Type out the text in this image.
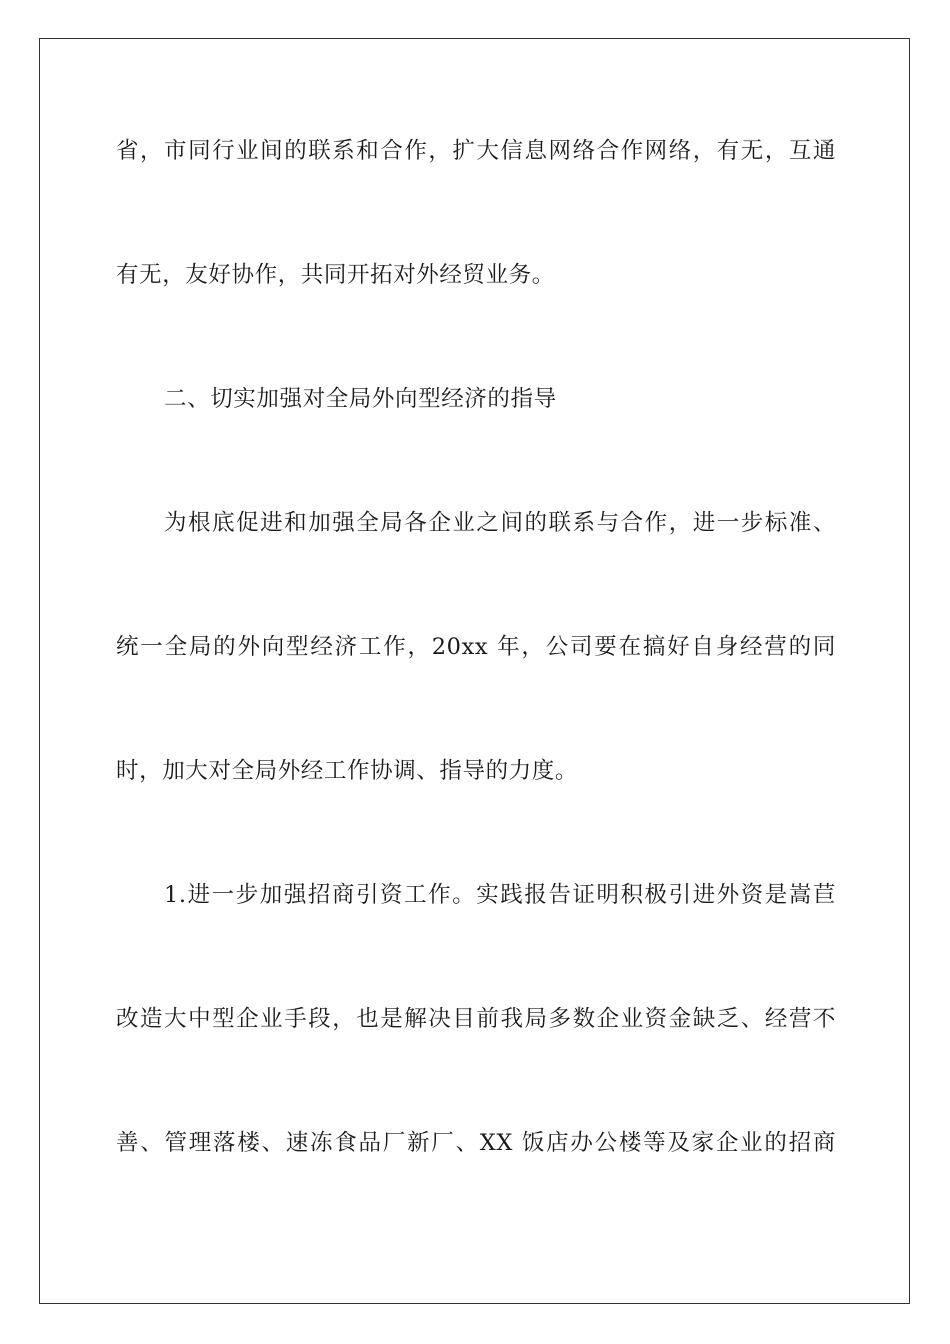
省，市同行业间的联系和合作，扩大信息网络合作网络，有无，互通
有无，友好协作，共同开拓对外经贸业务。
二、切实加强对全局外向型经济的指导
为根底促进和加强全局各企业之间的联系与合作，进一步标准、
统一全局的外向型经济工作，20xx 年，公司要在搞好自身经营的同
时，加大对全局外经工作协调、指导的力度。
1.进一步加强招商引资工作。实践报告证明积极引进外资是嵩苣
改造大中型企业手段，也是解决目前我局多数企业资金缺乏、经营不
善、管理落楼、速冻食品厂新厂、XX 饭店办公楼等及家企业的招商
